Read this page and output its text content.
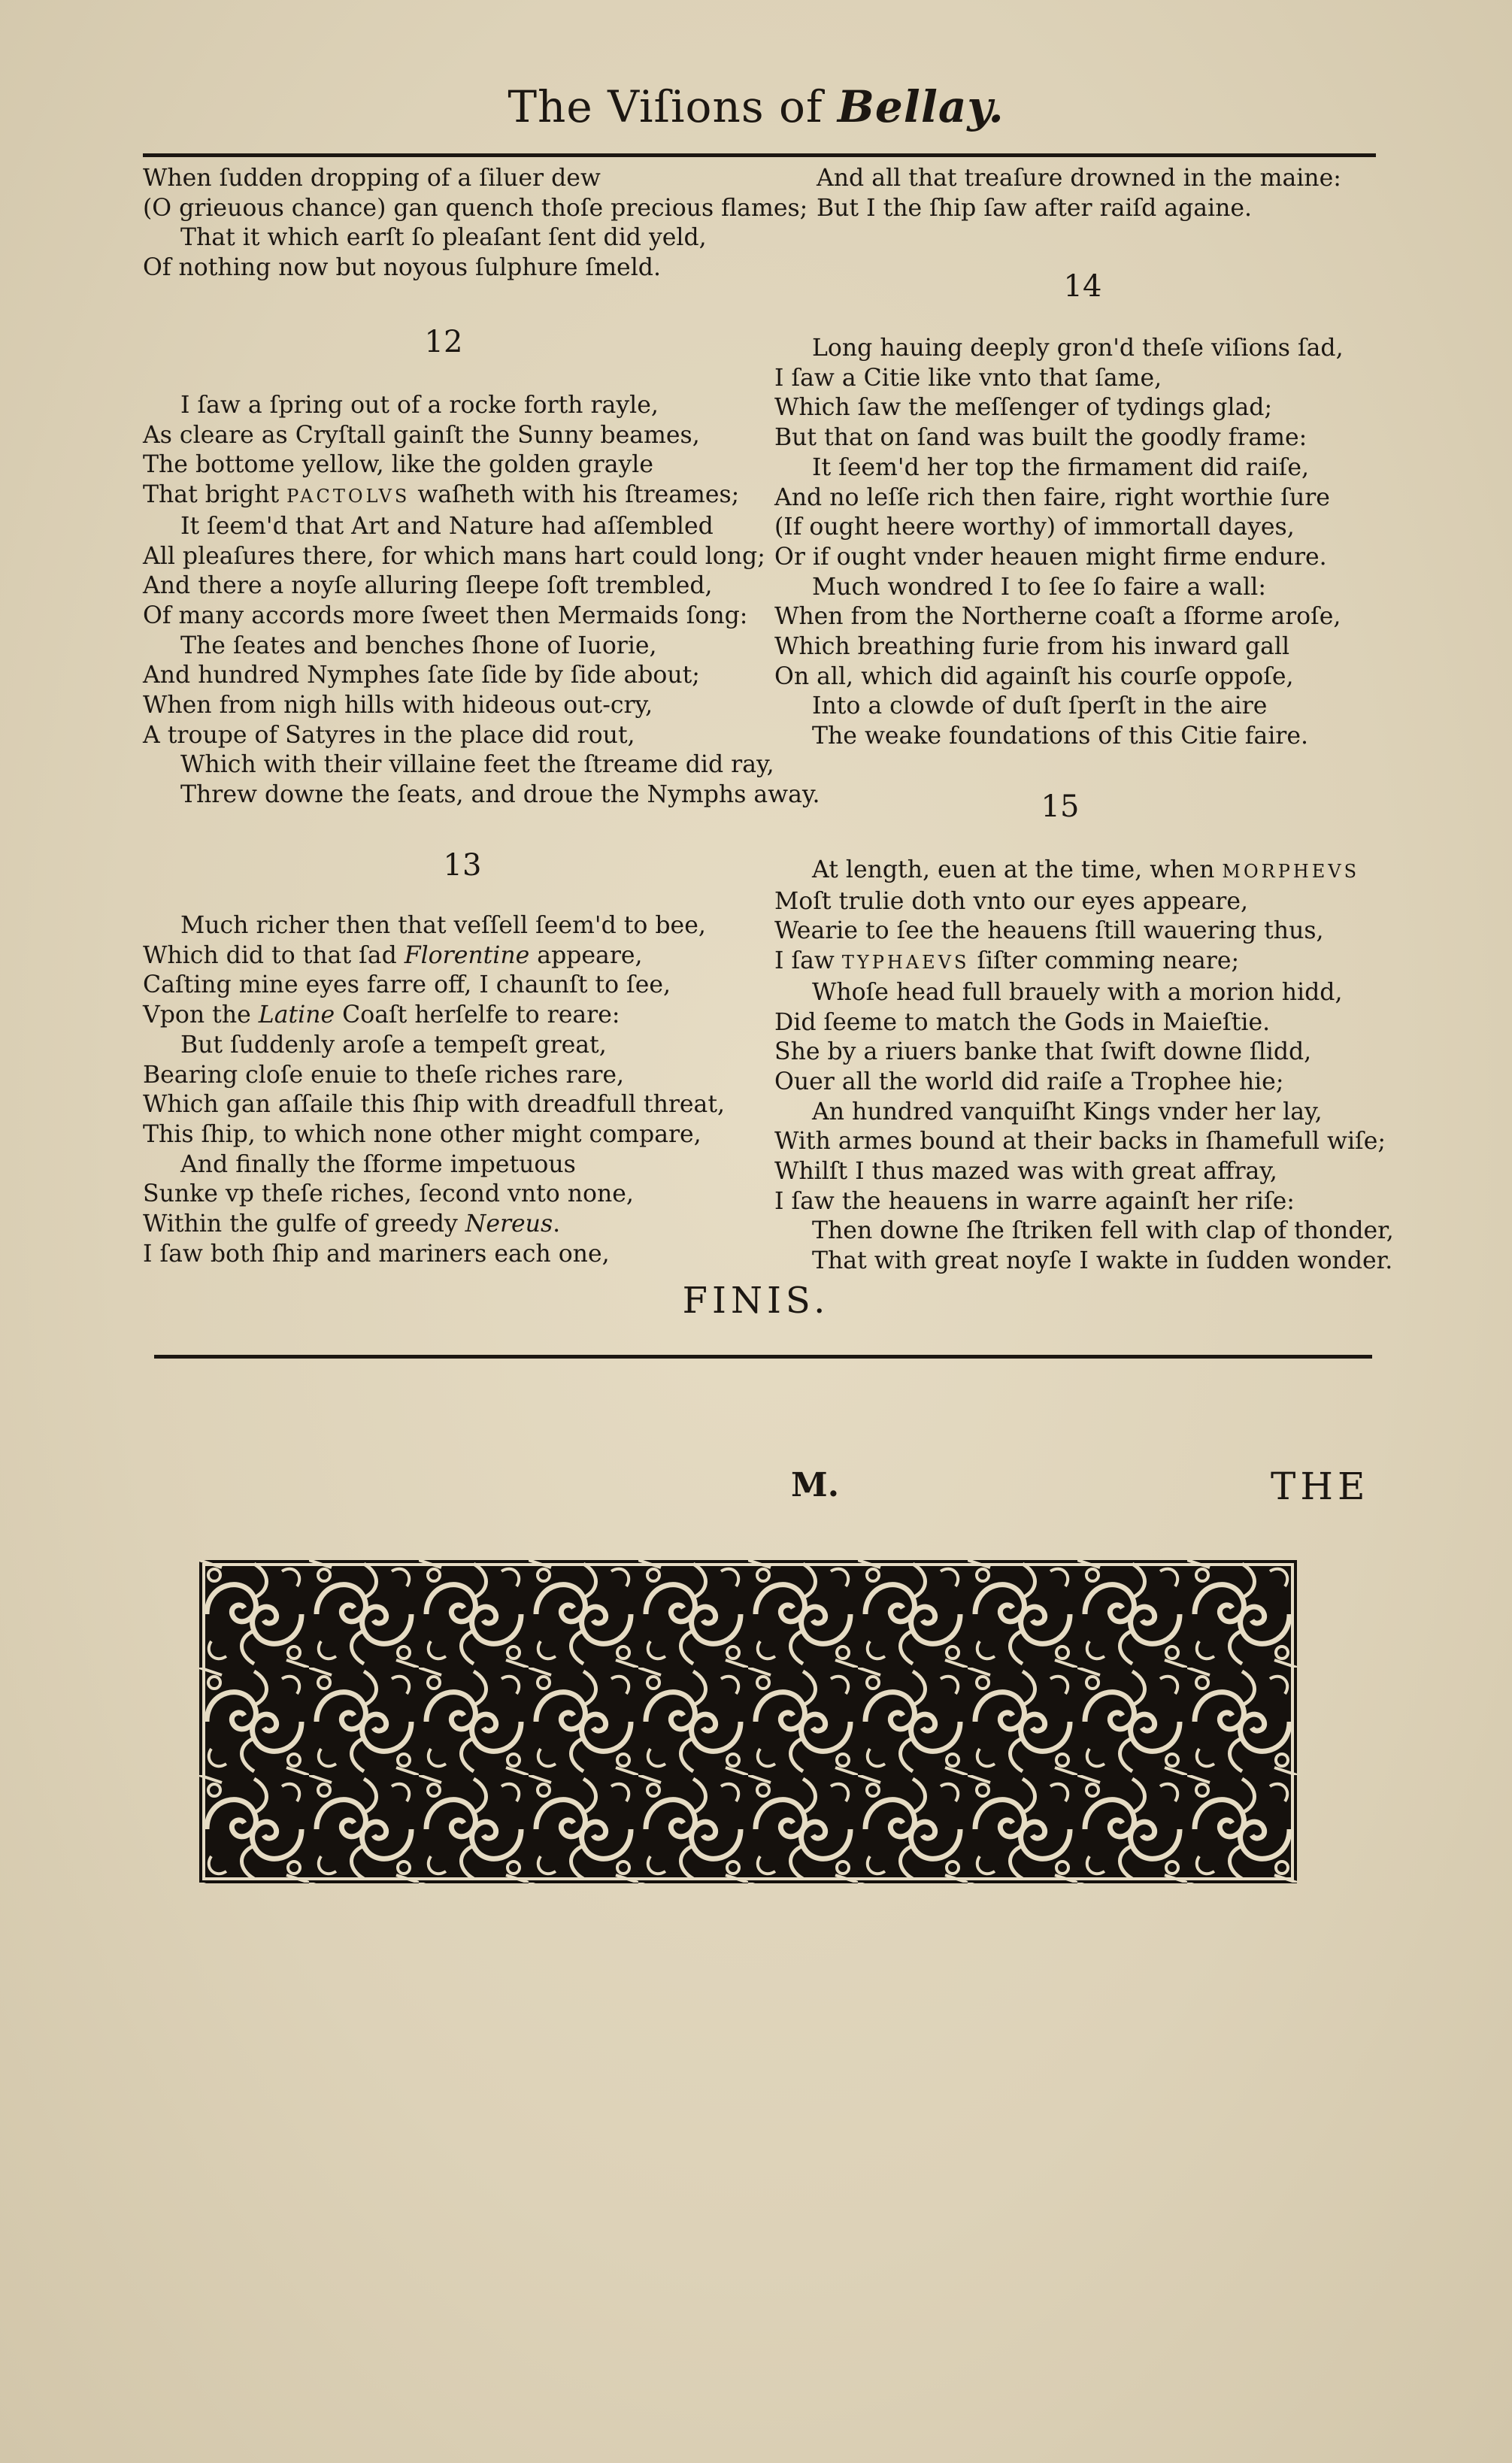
The Viſions of Bellay.
When ſudden dropping of a ſiluer dew
(O grieuous chance) gan quench thoſe precious flames;
That it which earſt ſo pleaſant ſent did yeld,
Of nothing now but noyous ſulphure ſmeld.
12
I ſaw a ſpring out of a rocke forth rayle,
As cleare as Cryſtall gainſt the Sunny beames,
The bottome yellow, like the golden grayle
That bright PACTOLVS waſheth with his ſtreames;
It ſeem'd that Art and Nature had aſſembled
All pleaſures there, for which mans hart could long;
And there a noyſe alluring ſleepe ſoft trembled,
Of many accords more ſweet then Mermaids ſong:
The ſeates and benches ſhone of Iuorie,
And hundred Nymphes ſate ſide by ſide about;
When from nigh hills with hideous out-cry,
A troupe of Satyres in the place did rout,
Which with their villaine feet the ſtreame did ray,
Threw downe the ſeats, and droue the Nymphs away.
13
Much richer then that veſſell ſeem'd to bee,
Which did to that ſad Florentine appeare,
Caſting mine eyes farre off, I chaunſt to ſee,
Vpon the Latine Coaſt herſelfe to reare:
But ſuddenly aroſe a tempeſt great,
Bearing cloſe enuie to theſe riches rare,
Which gan aſſaile this ſhip with dreadfull threat,
This ſhip, to which none other might compare,
And finally the ſforme impetuous
Sunke vp theſe riches, ſecond vnto none,
Within the gulfe of greedy Nereus.
I ſaw both ſhip and mariners each one,
And all that treaſure drowned in the maine:
But I the ſhip ſaw after raiſd againe.
14
Long hauing deeply gron'd theſe viſions ſad,
I ſaw a Citie like vnto that ſame,
Which ſaw the meſſenger of tydings glad;
But that on ſand was built the goodly frame:
It ſeem'd her top the firmament did raiſe,
And no leſſe rich then faire, right worthie ſure
(If ought heere worthy) of immortall dayes,
Or if ought vnder heauen might firme endure.
Much wondred I to ſee ſo faire a wall:
When from the Northerne coaſt a ſforme aroſe,
Which breathing furie from his inward gall
On all, which did againſt his courſe oppoſe,
Into a clowde of duſt ſperſt in the aire
The weake foundations of this Citie faire.
15
At length, euen at the time, when MORPHEVS
Moſt trulie doth vnto our eyes appeare,
Wearie to ſee the heauens ſtill wauering thus,
I ſaw TYPHAEVS ſiſter comming neare;
Whoſe head full brauely with a morion hidd,
Did ſeeme to match the Gods in Maieſtie.
She by a riuers banke that ſwift downe ſlidd,
Ouer all the world did raiſe a Trophee hie;
An hundred vanquiſht Kings vnder her lay,
With armes bound at their backs in ſhamefull wiſe;
Whilſt I thus mazed was with great affray,
I ſaw the heauens in warre againſt her riſe:
Then downe ſhe ſtriken fell with clap of thonder,
That with great noyſe I wakte in ſudden wonder.
FINIS.
M.	THE
